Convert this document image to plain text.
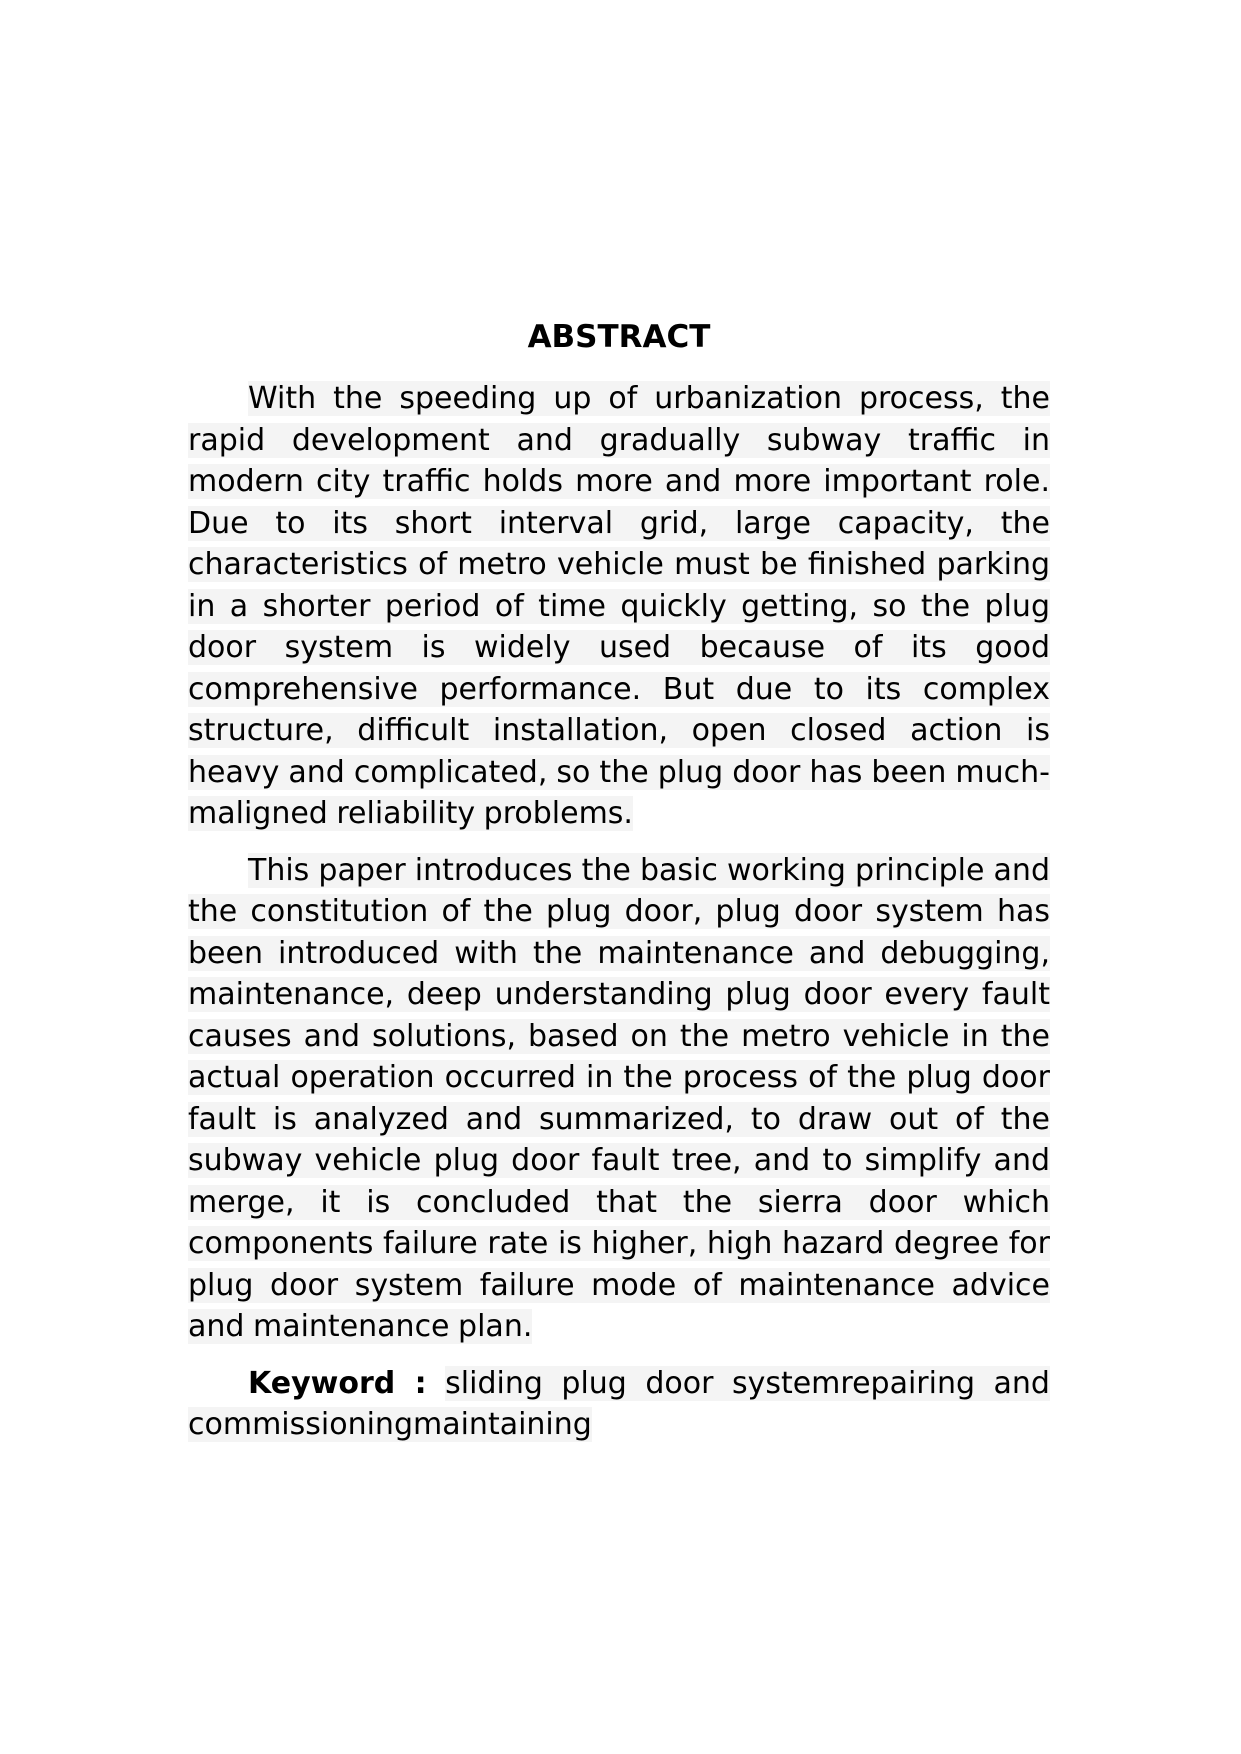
ABSTRACT

With the speeding up of urbanization process, the rapid development and gradually subway traffic in modern city traffic holds more and more important role. Due to its short interval grid, large capacity, the characteristics of metro vehicle must be finished parking in a shorter period of time quickly getting, so the plug door system is widely used because of its good comprehensive performance. But due to its complex structure, difficult installation, open closed action is heavy and complicated, so the plug door has been much-maligned reliability problems.

This paper introduces the basic working principle and the constitution of the plug door, plug door system has been introduced with the maintenance and debugging, maintenance, deep understanding plug door every fault causes and solutions, based on the metro vehicle in the actual operation occurred in the process of the plug door fault is analyzed and summarized, to draw out of the subway vehicle plug door fault tree, and to simplify and merge, it is concluded that the sierra door which components failure rate is higher, high hazard degree for plug door system failure mode of maintenance advice and maintenance plan.

Keyword : sliding plug door systemrepairing and commissioningmaintaining
